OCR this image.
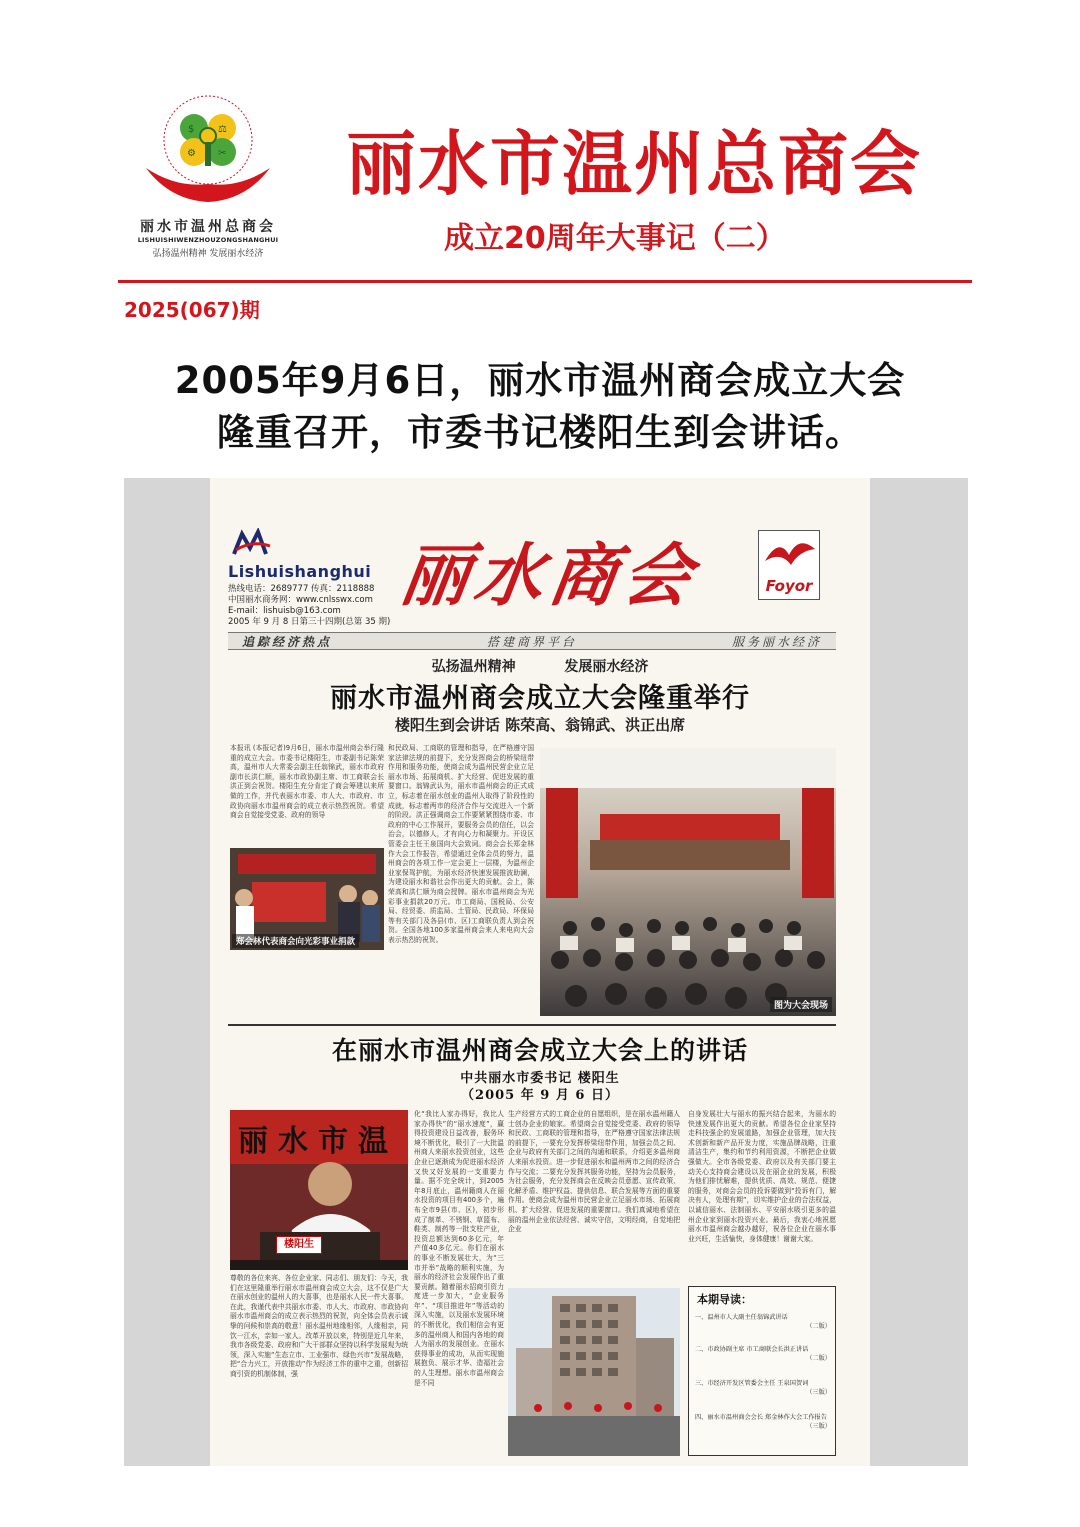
$ ⚖
⚙ ✂
丽水市温州总商会
LISHUISHIWENZHOUZONGSHANGHUI
弘扬温州精神 发展丽水经济
丽水市温州总商会
成立20周年大事记（二）
2025(067)期
2005年9月6日，丽水市温州商会成立大会
隆重召开，市委书记楼阳生到会讲话。
Lishuishanghui
热线电话：2689777 传真：2118888
中国丽水商务网：www.cnlsswx.com
E-mail：lishuisb@163.com
2005 年 9 月 8 日第三十四期(总第 35 期)
丽水商会	Foyor
追踪经济热点	搭建商界平台	服务丽水经济
弘扬温州精神          发展丽水经济
丽水市温州商会成立大会隆重举行
楼阳生到会讲话 陈荣高、翁锦武、洪正出席
本报讯 (本报记者)9月6日，丽水市温州商会举行隆重的成立大会。市委书记楼阳生，市委副书记陈荣高，温州市人大常委会副主任翁锦武，丽水市政府副市长洪仁顺，丽水市政协副主席、市工商联会长洪正到会祝贺。楼阳生充分肯定了商会筹建以来所做的工作，并代表丽水市委、市人大、市政府、市政协向丽水市温州商会的成立表示热烈祝贺。希望商会自觉接受党委、政府的领导
郑会林代表商会向光彩事业捐款
和民政局、工商联的管理和指导，在严格遵守国家法律法规的前提下，充分发挥商会的桥梁纽带作用和服务功能，使商会成为温州民营企业立足丽水市场、拓展商机、扩大经营、促进发展的重要窗口。翁锦武认为，丽水市温州商会的正式成立，标志着在丽水创业的温州人取得了阶段性的成就，标志着两市的经济合作与交流进入一个新的阶段。洪正强调商会工作要紧紧围绕市委、市政府的中心工作展开，要服务会员的信任，以会治会，以德修人，才有向心力和凝聚力。开设区管委会主任王泉国向大会致词。商会会长郑金林作大会工作报告，希望通过全体会员的努力，温州商会的各项工作一定会更上一层楼，为温州企业家保驾护航，为丽水经济快速发展推波助澜，为建设丽水和谐社会作出更大的贡献。会上，陈荣高和洪仁顺为商会授牌。丽水市温州商会为光彩事业捐款20万元。市工商局、国税局、公安局、经贸委、质监局、土管局、民政局、环保局等有关部门及各县(市、区)工商联负责人到会祝贺。全国各地100多家温州商会来人来电向大会表示热烈的祝贺。
图为大会现场
在丽水市温州商会成立大会上的讲话
中共丽水市委书记 楼阳生
（2005 年 9 月 6 日）
丽水市温
楼阳生
尊敬的各位来宾、各位企业家、同志们、朋友们：今天，我们在这里隆重举行丽水市温州商会成立大会，这不仅是广大在丽水创业的温州人的大喜事，也是丽水人民一件大喜事。在此，我谨代表中共丽水市委、市人大、市政府、市政协向丽水市温州商会的成立表示热烈的祝贺，向全体会员表示诚挚的问候和崇高的敬意！丽水温州地缘相邻，人缘相亲，同饮一江水，亲如一家人。改革开放以来，特别是近几年来，我市各级党委、政府和广大干部群众坚持以科学发展观为统领，深入实施“生态立市、工业强市、绿色兴市”发展战略，把“合力兴工，开放推动”作为经济工作的重中之重，创新招商引资的机制体制，强
化“我比人家办得好，我比人家办得快”的“丽水速度”，赢得投资建设日益改善，服务环境不断优化，吸引了一大批温州商人来丽水投资创业，这些企业已逐渐成为促进丽水经济又快又好发展的一支重要力量。据不完全统计，到2005年8月底止，温州籍商人在丽水投资的项目有400多个，遍布全市9县(市、区)，初步形成了制革、不锈钢、草篮布、鞋类、制药等一批支柱产业，投资总额达到60多亿元，年产值40多亿元。你们在丽水的事业不断发展壮大，为“三市并举”战略的顺利实施，为丽水的经济社会发展作出了重要贡献。随着丽水招商引资力度进一步加大，“企业服务年”、“项目推进年”等活动的深入实施，以及丽水发展环境的不断优化，我们相信会有更多的温州商人和国内各地的商人为丽水的发展创业。在丽水获得事业的成功，从而实现施展抱负、展示才华、造福社会的人生理想。丽水市温州商会是不同
生产经营方式的工商企业的自愿组织，是在丽水温州籍人士创办企业的娘家。希望商会自觉接受党委、政府的领导和民政、工商联的管理和指导，在严格遵守国家法律法规的前提下，一要充分发挥桥梁纽带作用，加强会员之间、企业与政府有关部门之间的沟通和联系，介绍更多温州商人来丽水投资。进一步促进丽水和温州两市之间的经济合作与交流；二要充分发挥其服务功能，坚持为会员服务，为社会服务，充分发挥商会在反映会员意愿、宣传政策、化解矛盾、维护权益、提供信息、联合发展等方面的重要作用。使商会成为温州市民营企业立足丽水市场、拓展商机、扩大经营、促进发展的重要窗口。我们真诚地希望在丽的温州企业依法经营、诚实守信，文明经商，自觉地把企业
自身发展壮大与丽水的振兴结合起来，为丽水的快速发展作出更大的贡献。希望各位企业家坚持走科技强企的发展道路，加强企业管理，加大技术创新和新产品开发力度，实施品牌战略，注重清洁生产，集约和节约利用资源，不断把企业做强做大。全市各级党委、政府以及有关部门要主动关心支持商会建设以及在丽企业的发展，积极为他们排忧解难，提供优质、高效、规范、便捷的服务，对商会会员的投诉要做到“投诉有门，解决有人，处理有期”，切实维护企业的合法权益，以诚信丽水、法制丽水、平安丽水吸引更多的温州企业家到丽水投资兴业。最后，我衷心地祝愿丽水市温州商会越办越好，祝各位企业在丽水事业兴旺，生活愉快，身体健康！谢谢大家。
本期导读：
一、温州市人大副主任翁锦武讲话
（二版）
二、市政协副主席 市工商联会长洪正讲话
（二版）
三、市经济开发区管委会主任 王泉国贺词
（三版）
四、丽水市温州商会会长 郑金林作大会工作报告
（三版）
